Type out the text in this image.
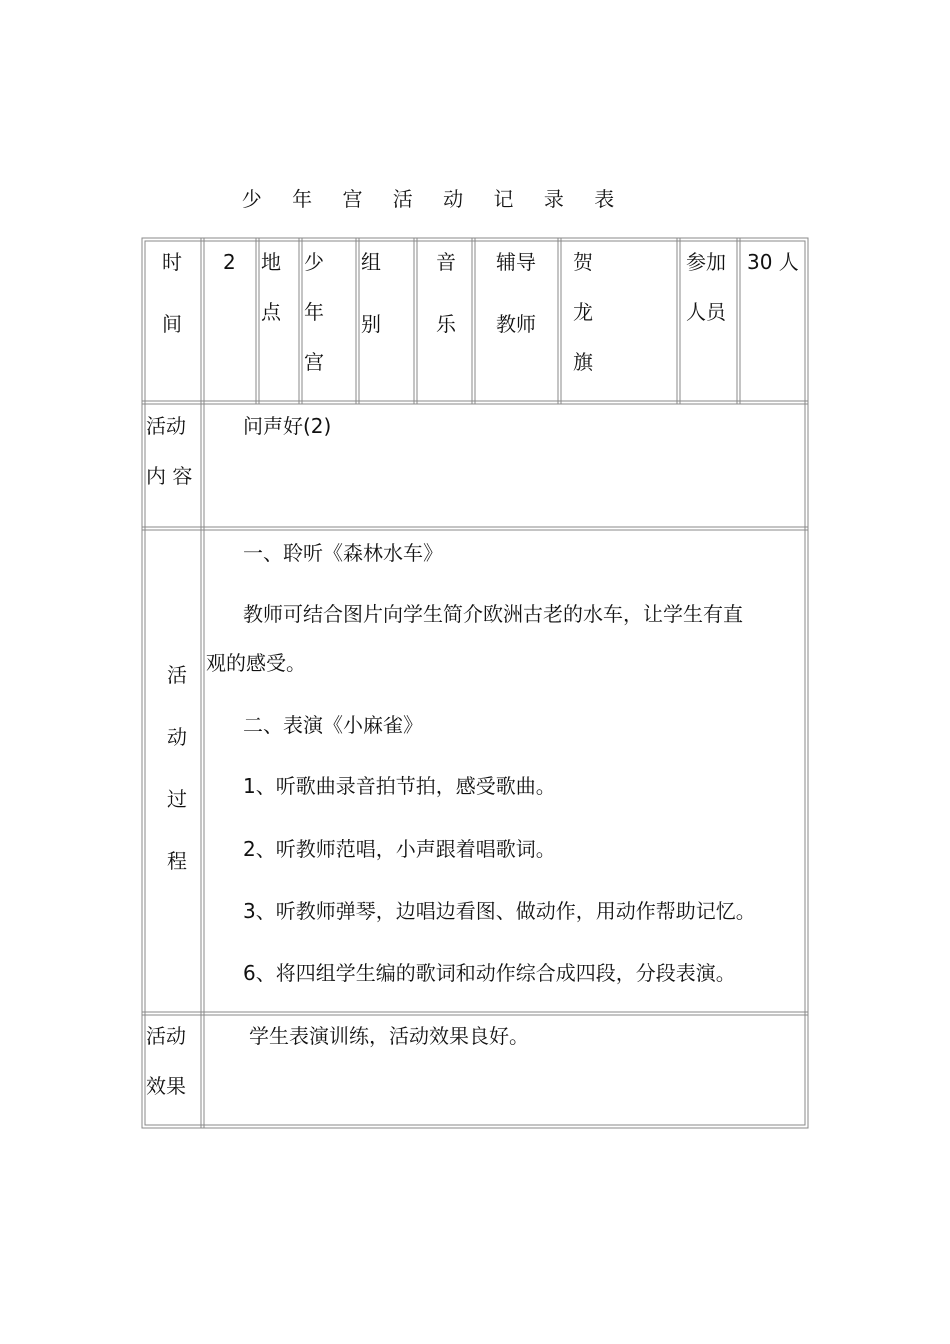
少 年 宫 活 动 记 录 表
时
间
2 地
点
少
年
宫
组
别
音
乐
辅导
教师
贺
龙
旗
参加
人员
30 人
活动
内 容
问声好(2)
活
动
过
程
一、聆听《森林水车》
教师可结合图片向学生简介欧洲古老的水车，让学生有直
观的感受。
二、表演《小麻雀》
1、听歌曲录音拍节拍，感受歌曲。
2、听教师范唱，小声跟着唱歌词。
3、听教师弹琴，边唱边看图、做动作，用动作帮助记忆。
6、将四组学生编的歌词和动作综合成四段，分段表演。
活动
效果
学生表演训练，活动效果良好。
